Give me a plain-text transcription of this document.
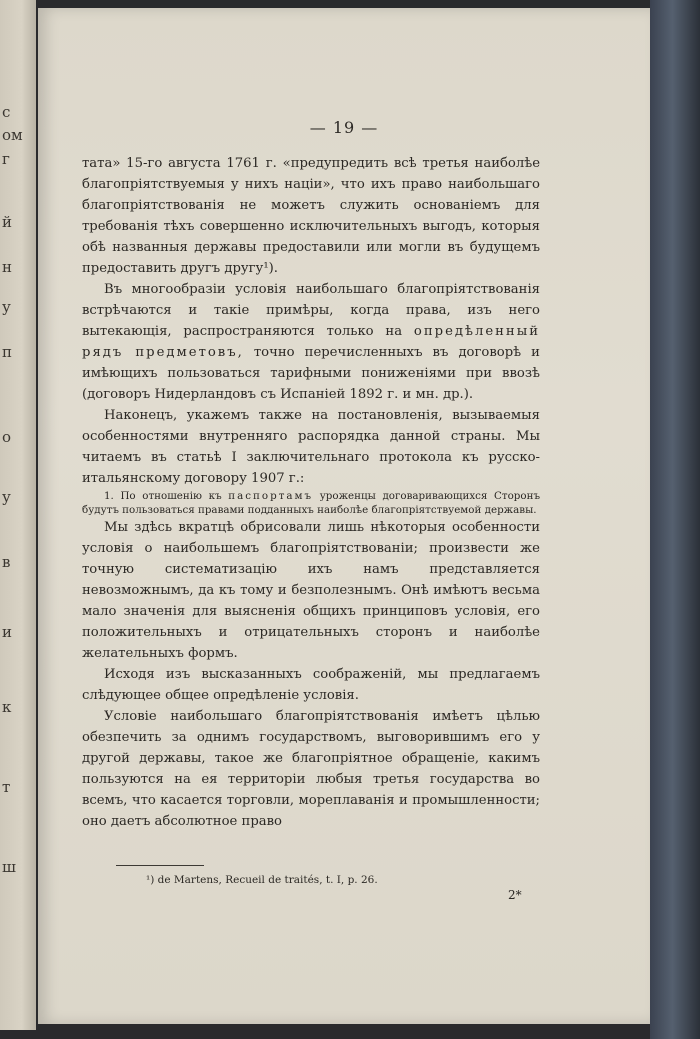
с
ом
г
й
н
у
п
о
у
в
и
к
т
ш
— 19 —

тата» 15-го августа 1761 г. «предупредить всѣ третья наиболѣе благопріятствуемыя у нихъ націи», что ихъ право наибольшаго благопріятствованія не можетъ служить основаніемъ для требованія тѣхъ совершенно исключительныхъ выгодъ, которыя обѣ названныя державы предоставили или могли въ будущемъ предоставить другъ другу¹).

Въ многообразіи условія наибольшаго благопріятствованія встрѣчаются и такіе примѣры, когда права, изъ него вытекающія, распространяются только на опредѣленный рядъ предметовъ, точно перечисленныхъ въ договорѣ и имѣющихъ пользоваться тарифными пониженіями при ввозѣ (договоръ Нидерландовъ съ Испаніей 1892 г. и мн. др.).

Наконецъ, укажемъ также на постановленія, вызываемыя особенностями внутренняго распорядка данной страны. Мы читаемъ въ статьѣ I заключительнаго протокола къ русско-итальянскому договору 1907 г.:

1. По отношенію къ паспортамъ уроженцы договаривающихся Сторонъ будутъ пользоваться правами подданныхъ наиболѣе благопріятствуемой державы.

Мы здѣсь вкратцѣ обрисовали лишь нѣкоторыя особенности условія о наибольшемъ благопріятствованіи; произвести же точную систематизацію ихъ намъ представляется невозможнымъ, да къ тому и безполезнымъ. Онѣ имѣютъ весьма мало значенія для выясненія общихъ принциповъ условія, его положительныхъ и отрицательныхъ сторонъ и наиболѣе желательныхъ формъ.

Исходя изъ высказанныхъ соображеній, мы предлагаемъ слѣдующее общее опредѣленіе условія.

Условіе наибольшаго благопріятствованія имѣетъ цѣлью обезпечить за однимъ государствомъ, выговорившимъ его у другой державы, такое же благопріятное обращеніе, какимъ пользуются на ея территоріи любыя третья государства во всемъ, что касается торговли, мореплаванія и промышленности; оно даетъ абсолютное право

¹) de Martens, Recueil de traités, t. I, p. 26.
2*
